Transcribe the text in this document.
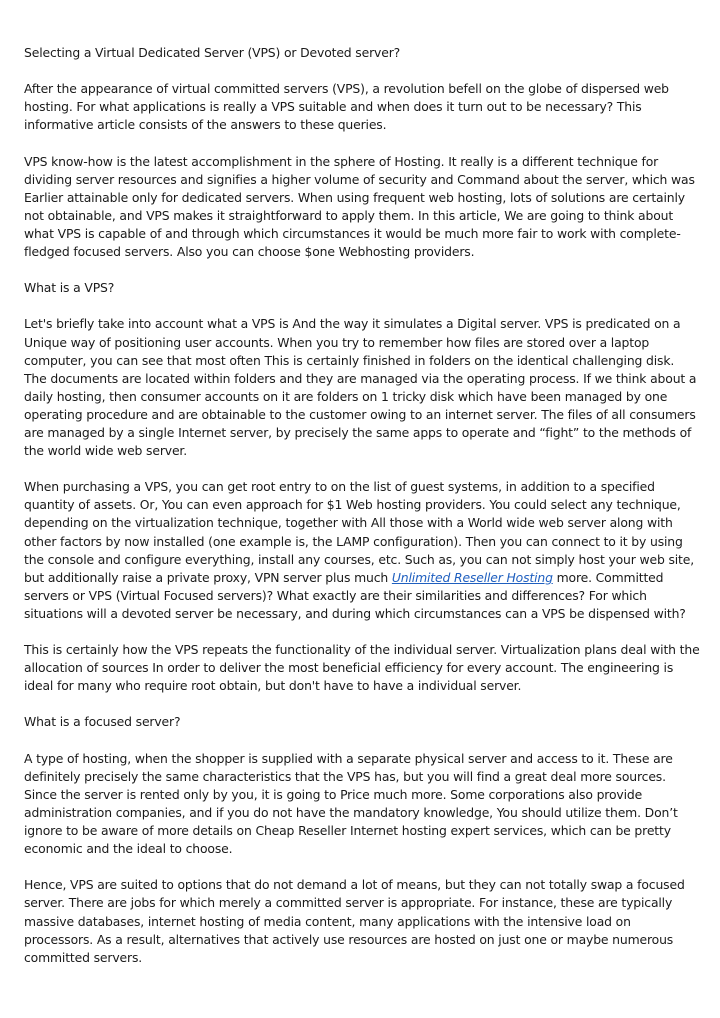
Selecting a Virtual Dedicated Server (VPS) or Devoted server?

After the appearance of virtual committed servers (VPS), a revolution befell on the globe of dispersed web hosting. For what applications is really a VPS suitable and when does it turn out to be necessary? This informative article consists of the answers to these queries.

VPS know-how is the latest accomplishment in the sphere of Hosting. It really is a different technique for dividing server resources and signifies a higher volume of security and Command about the server, which was Earlier attainable only for dedicated servers. When using frequent web hosting, lots of solutions are certainly not obtainable, and VPS makes it straightforward to apply them. In this article, We are going to think about what VPS is capable of and through which circumstances it would be much more fair to work with complete-fledged focused servers. Also you can choose $one Webhosting providers.

What is a VPS?

Let's briefly take into account what a VPS is And the way it simulates a Digital server. VPS is predicated on a Unique way of positioning user accounts. When you try to remember how files are stored over a laptop computer, you can see that most often This is certainly finished in folders on the identical challenging disk. The documents are located within folders and they are managed via the operating process. If we think about a daily hosting, then consumer accounts on it are folders on 1 tricky disk which have been managed by one operating procedure and are obtainable to the customer owing to an internet server. The files of all consumers are managed by a single Internet server, by precisely the same apps to operate and “fight” to the methods of the world wide web server.

When purchasing a VPS, you can get root entry to on the list of guest systems, in addition to a specified quantity of assets. Or, You can even approach for $1 Web hosting providers. You could select any technique, depending on the virtualization technique, together with All those with a World wide web server along with other factors by now installed (one example is, the LAMP configuration). Then you can connect to it by using the console and configure everything, install any courses, etc. Such as, you can not simply host your web site, but additionally raise a private proxy, VPN server plus much Unlimited Reseller Hosting more. Committed servers or VPS (Virtual Focused servers)? What exactly are their similarities and differences? For which situations will a devoted server be necessary, and during which circumstances can a VPS be dispensed with?

This is certainly how the VPS repeats the functionality of the individual server. Virtualization plans deal with the allocation of sources In order to deliver the most beneficial efficiency for every account. The engineering is ideal for many who require root obtain, but don't have to have a individual server.

What is a focused server?

A type of hosting, when the shopper is supplied with a separate physical server and access to it. These are definitely precisely the same characteristics that the VPS has, but you will find a great deal more sources. Since the server is rented only by you, it is going to Price much more. Some corporations also provide administration companies, and if you do not have the mandatory knowledge, You should utilize them. Don’t ignore to be aware of more details on Cheap Reseller Internet hosting expert services, which can be pretty economic and the ideal to choose.

Hence, VPS are suited to options that do not demand a lot of means, but they can not totally swap a focused server. There are jobs for which merely a committed server is appropriate. For instance, these are typically massive databases, internet hosting of media content, many applications with the intensive load on processors. As a result, alternatives that actively use resources are hosted on just one or maybe numerous committed servers.
